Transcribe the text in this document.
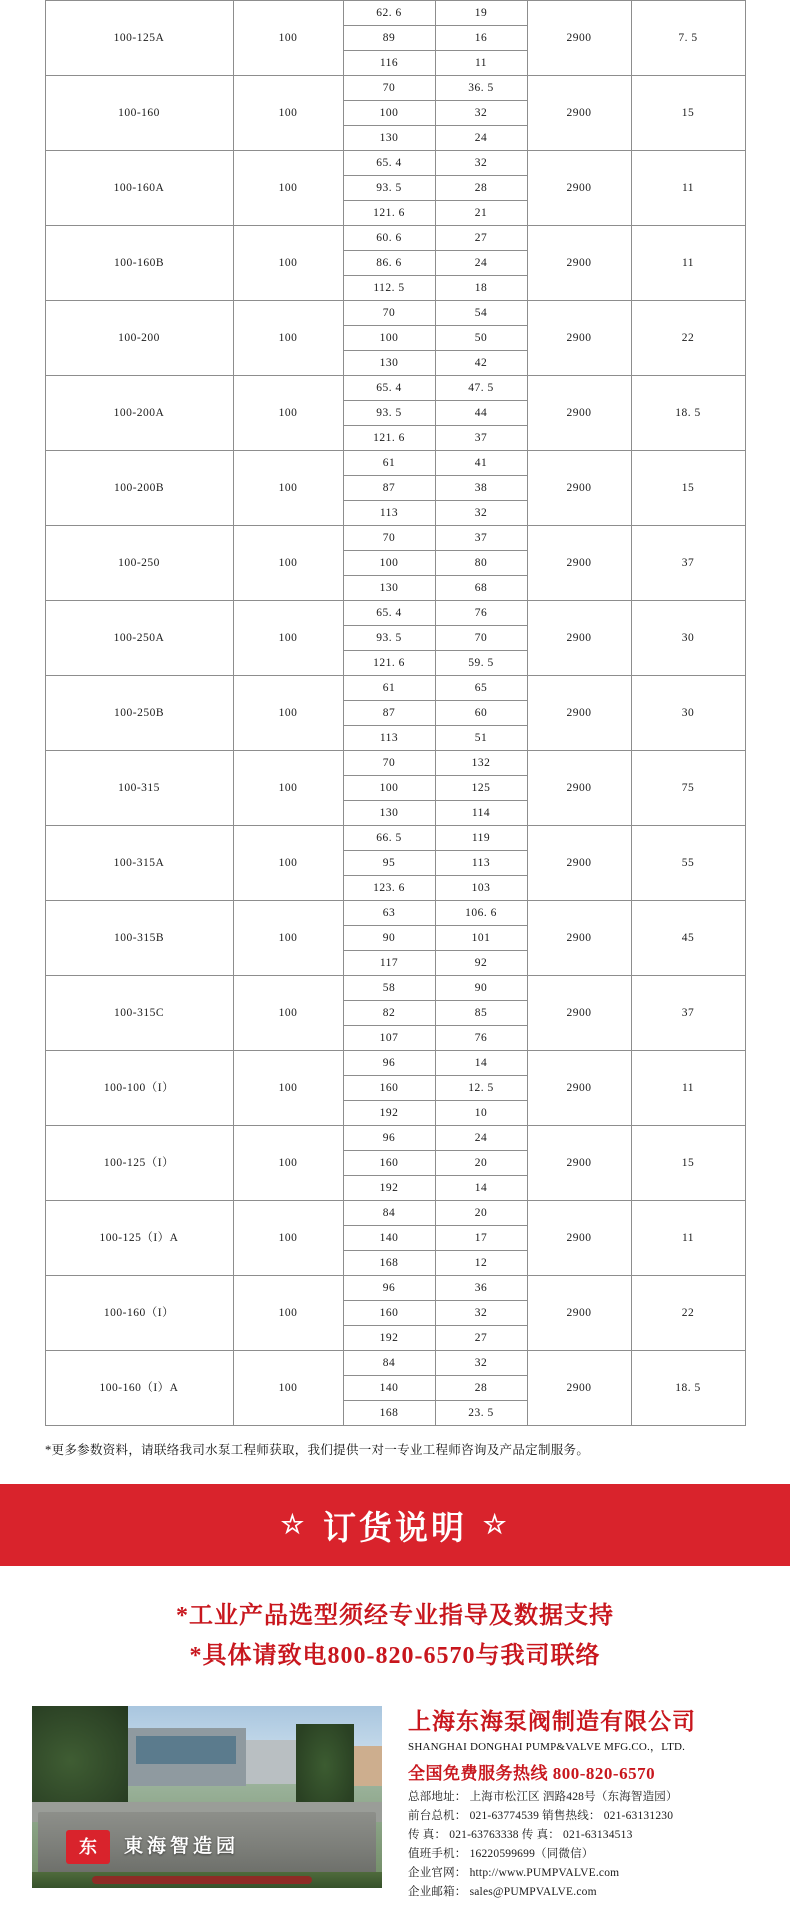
100-125A	100	62. 6	19	2900	7. 5
		89	16		
		116	11		
100-160	100	70	36. 5	2900	15
		100	32		
		130	24		
100-160A	100	65. 4	32	2900	11
		93. 5	28		
		121. 6	21		
100-160B	100	60. 6	27	2900	11
		86. 6	24		
		112. 5	18		
100-200	100	70	54	2900	22
		100	50		
		130	42		
100-200A	100	65. 4	47. 5	2900	18. 5
		93. 5	44		
		121. 6	37		
100-200B	100	61	41	2900	15
		87	38		
		113	32		
100-250	100	70	37	2900	37
		100	80		
		130	68		
100-250A	100	65. 4	76	2900	30
		93. 5	70		
		121. 6	59. 5		
100-250B	100	61	65	2900	30
		87	60		
		113	51		
100-315	100	70	132	2900	75
		100	125		
		130	114		
100-315A	100	66. 5	119	2900	55
		95	113		
		123. 6	103		
100-315B	100	63	106. 6	2900	45
		90	101		
		117	92		
100-315C	100	58	90	2900	37
		82	85		
		107	76		
100-100（I）	100	96	14	2900	11
		160	12. 5		
		192	10		
100-125（I）	100	96	24	2900	15
		160	20		
		192	14		
100-125（I）A	100	84	20	2900	11
		140	17		
		168	12		
100-160（I）	100	96	36	2900	22
		160	32		
		192	27		
100-160（I）A	100	84	32	2900	18. 5
		140	28		
		168	23. 5		
*更多参数资料，请联络我司水泵工程师获取，我们提供一对一专业工程师咨询及产品定制服务。
☆ 订货说明 ☆
*工业产品选型须经专业指导及数据支持
*具体请致电800-820-6570与我司联络
东	東海智造园
上海东海泵阀制造有限公司
SHANGHAI DONGHAI PUMP&VALVE MFG.CO.，LTD.
全国免费服务热线 800-820-6570
总部地址： 上海市松江区 泗路428号（东海智造园）
前台总机： 021-63774539 销售热线： 021-63131230
传 真： 021-63763338 传 真： 021-63134513
值班手机： 16220599699（同微信）
企业官网： http://www.PUMPVALVE.com
企业邮箱： sales@PUMPVALVE.com
